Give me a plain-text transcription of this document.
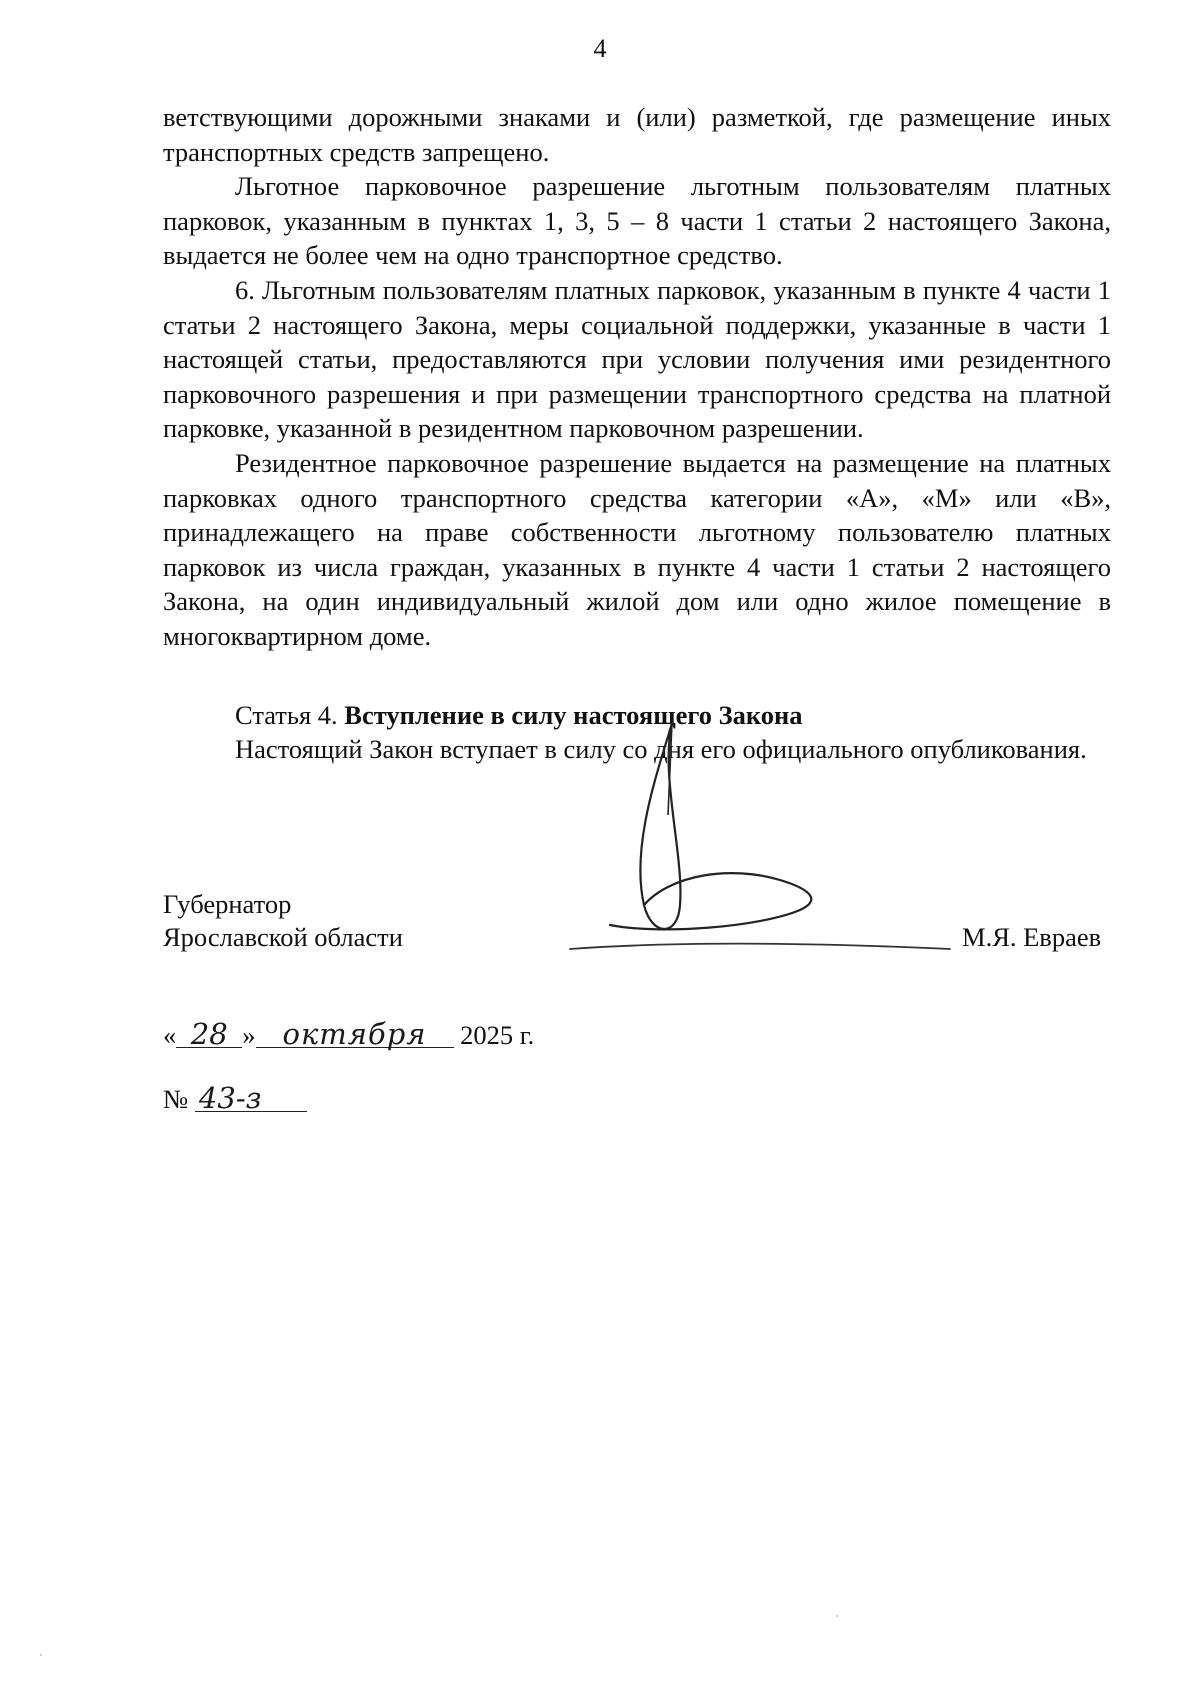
4

ветствующими дорожными знаками и (или) разметкой, где размещение иных транспортных средств запрещено.

Льготное парковочное разрешение льготным пользователям платных парковок, указанным в пунктах 1, 3, 5 – 8 части 1 статьи 2 настоящего Закона, выдается не более чем на одно транспортное средство.

6. Льготным пользователям платных парковок, указанным в пункте 4 части 1 статьи 2 настоящего Закона, меры социальной поддержки, указанные в части 1 настоящей статьи, предоставляются при условии получения ими резидентного парковочного разрешения и при размещении транспортного средства на платной парковке, указанной в резидентном парковочном разрешении.

Резидентное парковочное разрешение выдается на размещение на платных парковках одного транспортного средства категории «А», «М» или «В», принадлежащего на праве собственности льготному пользователю платных парковок из числа граждан, указанных в пункте 4 части 1 статьи 2 настоящего Закона, на один индивидуальный жилой дом или одно жилое помещение в многоквартирном доме.

Статья 4. Вступление в силу настоящего Закона

Настоящий Закон вступает в силу со дня его официального опубликования.

Губернатор
Ярославской области	М.Я. Евраев
« 28 » октября 2025 г.
№ 43-з
